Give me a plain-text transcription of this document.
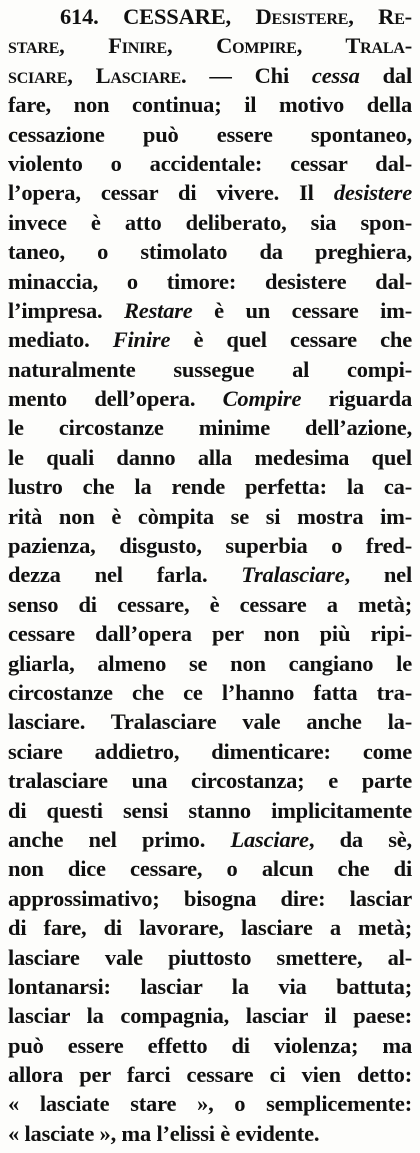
614. CESSARE, Desistere, Re-
stare, Finire, Compire, Trala-
sciare, Lasciare. — Chi cessa dal
fare, non continua; il motivo della
cessazione può essere spontaneo,
violento o accidentale: cessar dal-
l’opera, cessar di vivere. Il desistere
invece è atto deliberato, sia spon-
taneo, o stimolato da preghiera,
minaccia, o timore: desistere dal-
l’impresa. Restare è un cessare im-
mediato. Finire è quel cessare che
naturalmente sussegue al compi-
mento dell’opera. Compire riguarda
le circostanze minime dell’azione,
le quali danno alla medesima quel
lustro che la rende perfetta: la ca-
rità non è còmpita se si mostra im-
pazienza, disgusto, superbia o fred-
dezza nel farla. Tralasciare, nel
senso di cessare, è cessare a metà;
cessare dall’opera per non più ripi-
gliarla, almeno se non cangiano le
circostanze che ce l’hanno fatta tra-
lasciare. Tralasciare vale anche la-
sciare addietro, dimenticare: come
tralasciare una circostanza; e parte
di questi sensi stanno implicitamente
anche nel primo. Lasciare, da sè,
non dice cessare, o alcun che di
approssimativo; bisogna dire: lasciar
di fare, di lavorare, lasciare a metà;
lasciare vale piuttosto smettere, al-
lontanarsi: lasciar la via battuta;
lasciar la compagnia, lasciar il paese:
può essere effetto di violenza; ma
allora per farci cessare ci vien detto:
« lasciate stare », o semplicemente:
« lasciate », ma l’elissi è evidente.
